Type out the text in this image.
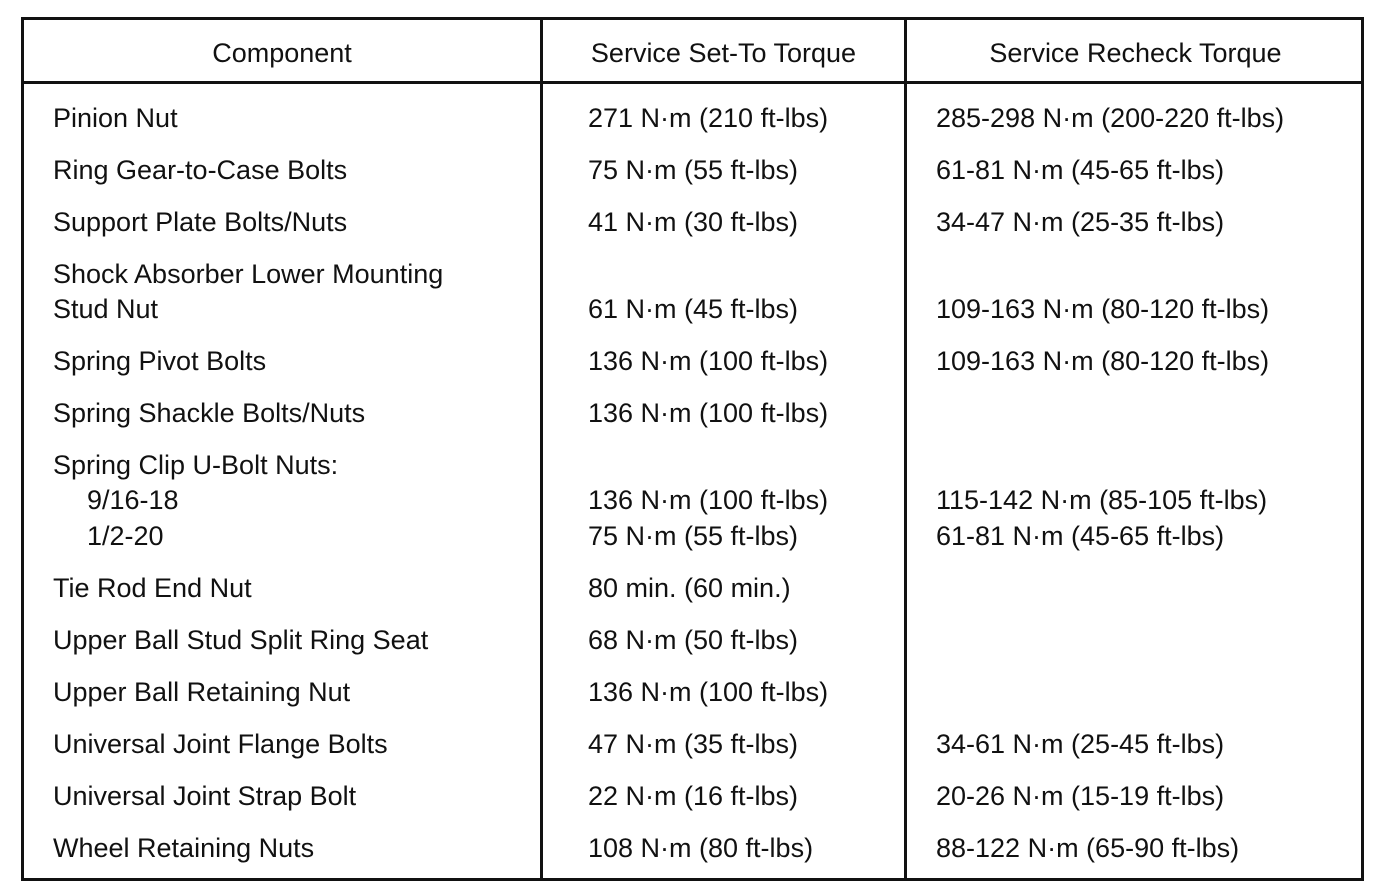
Component	Service Set-To Torque	Service Recheck Torque
Pinion Nut	271 N·m (210 ft-lbs)	285-298 N·m (200-220 ft-lbs)
Ring Gear-to-Case Bolts	75 N·m (55 ft-lbs)	61-81 N·m (45-65 ft-lbs)
Support Plate Bolts/Nuts	41 N·m (30 ft-lbs)	34-47 N·m (25-35 ft-lbs)
Shock Absorber Lower Mounting
Stud Nut	61 N·m (45 ft-lbs)	109-163 N·m (80-120 ft-lbs)
Spring Pivot Bolts	136 N·m (100 ft-lbs)	109-163 N·m (80-120 ft-lbs)
Spring Shackle Bolts/Nuts	136 N·m (100 ft-lbs)
Spring Clip U-Bolt Nuts:
9/16-18	136 N·m (100 ft-lbs)	115-142 N·m (85-105 ft-lbs)
1/2-20	75 N·m (55 ft-lbs)	61-81 N·m (45-65 ft-lbs)
Tie Rod End Nut	80 min. (60 min.)
Upper Ball Stud Split Ring Seat	68 N·m (50 ft-lbs)
Upper Ball Retaining Nut	136 N·m (100 ft-lbs)
Universal Joint Flange Bolts	47 N·m (35 ft-lbs)	34-61 N·m (25-45 ft-lbs)
Universal Joint Strap Bolt	22 N·m (16 ft-lbs)	20-26 N·m (15-19 ft-lbs)
Wheel Retaining Nuts	108 N·m (80 ft-lbs)	88-122 N·m (65-90 ft-lbs)
